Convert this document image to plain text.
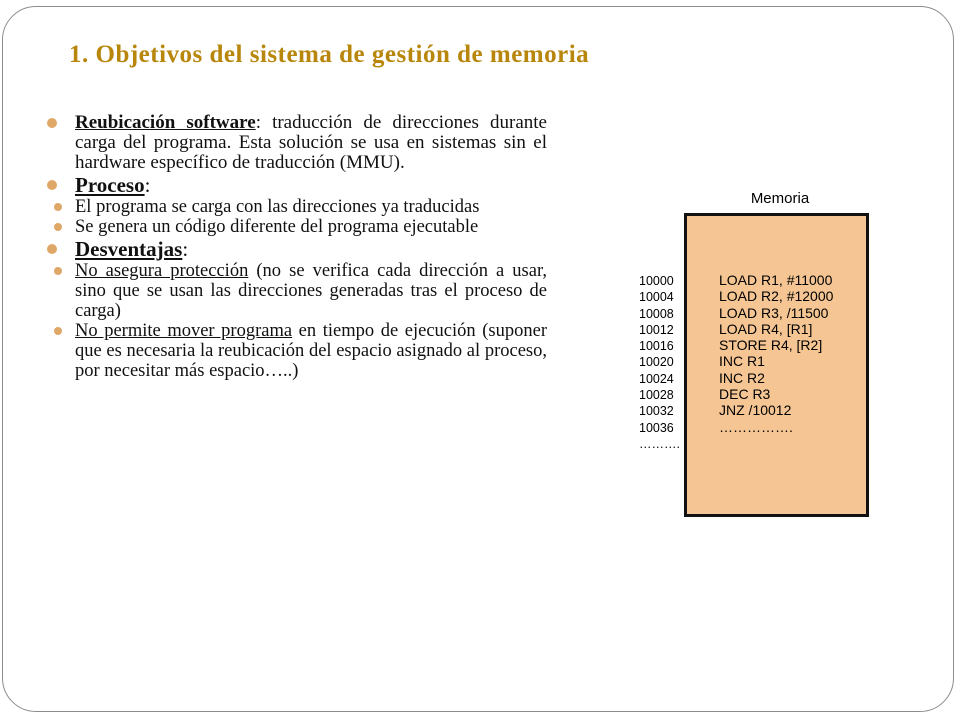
1. Objetivos del sistema de gestión de memoria

Reubicación software: traducción de direcciones durante carga del programa. Esta solución se usa en sistemas sin el hardware específico de traducción (MMU).

Proceso:

El programa se carga con las direcciones ya traducidas

Se genera un código diferente del programa ejecutable

Desventajas:

No asegura protección (no se verifica cada dirección a usar, sino que se usan las direcciones generadas tras el proceso de carga)

No permite mover programa en tiempo de ejecución (suponer que es necesaria la reubicación del espacio asignado al proceso, por necesitar más espacio…..)

Memoria
10000
10004
10008
10012
10016
10020
10024
10028
10032
10036
……….
LOAD R1, #11000
LOAD R2, #12000
LOAD R3, /11500
LOAD R4, [R1]
STORE R4, [R2]
INC R1
INC R2
DEC R3
JNZ /10012
…………….
